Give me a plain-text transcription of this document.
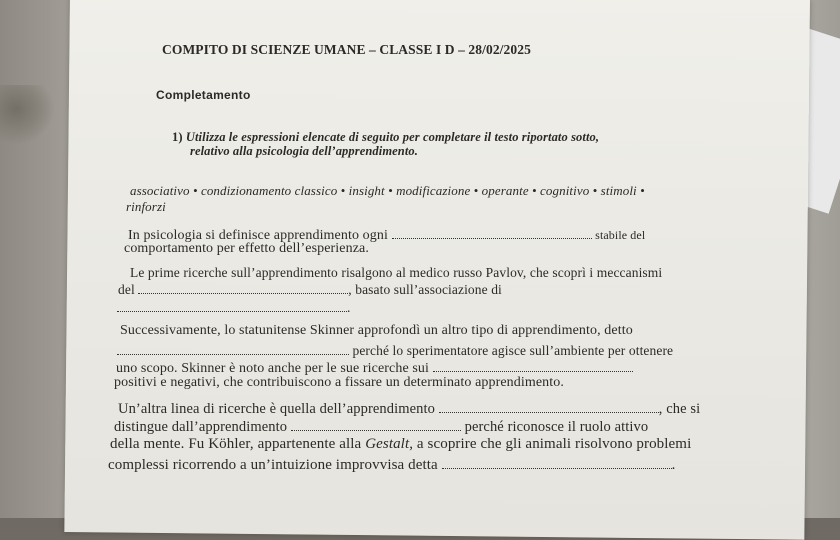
COMPITO DI SCIENZE UMANE – CLASSE I D – 28/02/2025
Completamento
1) Utilizza le espressioni elencate di seguito per completare il testo riportato sotto,
relativo alla psicologia dell’apprendimento.
associativo • condizionamento classico • insight • modificazione • operante • cognitivo • stimoli •
rinforzi
In psicologia si definisce apprendimento ogni	stabile del
comportamento per effetto dell’esperienza.
Le prime ricerche sull’apprendimento risalgono al medico russo Pavlov, che scoprì i meccanismi
del	, basato sull’associazione di
.
Successivamente, lo statunitense Skinner approfondì un altro tipo di apprendimento, detto
perché lo sperimentatore agisce sull’ambiente per ottenere
uno scopo. Skinner è noto anche per le sue ricerche sui
positivi e negativi, che contribuiscono a fissare un determinato apprendimento.
Un’altra linea di ricerche è quella dell’apprendimento	, che si
distingue dall’apprendimento	perché riconosce il ruolo attivo
della mente. Fu Köhler, appartenente alla Gestalt, a scoprire che gli animali risolvono problemi
complessi ricorrendo a un’intuizione improvvisa detta	.
